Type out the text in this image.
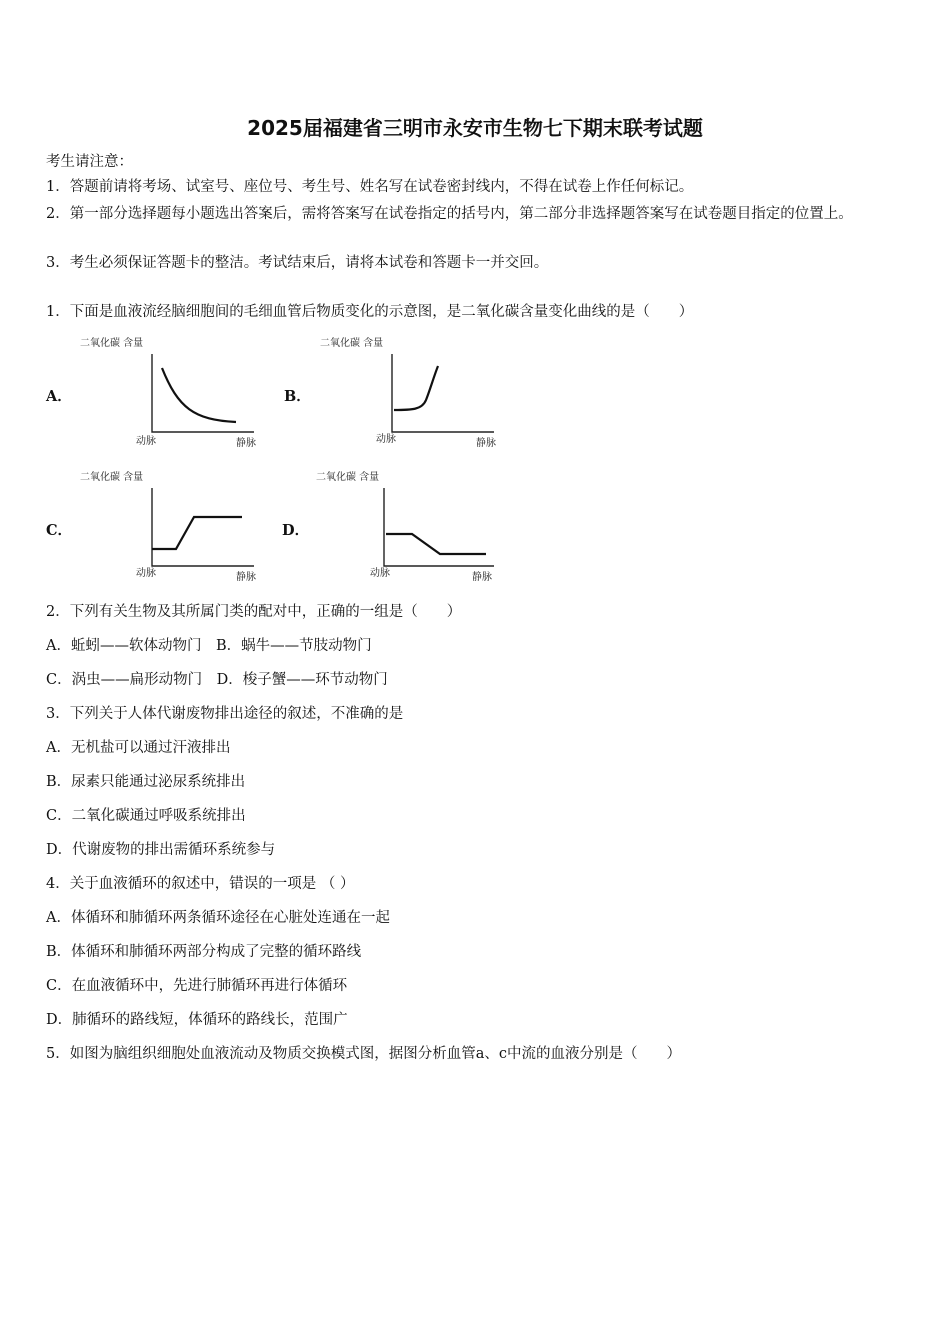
2025届福建省三明市永安市生物七下期末联考试题
考生请注意：
1．答题前请将考场、试室号、座位号、考生号、姓名写在试卷密封线内，不得在试卷上作任何标记。
2．第一部分选择题每小题选出答案后，需将答案写在试卷指定的括号内，第二部分非选择题答案写在试卷题目指定的位置上。
3．考生必须保证答题卡的整洁。考试结束后，请将本试卷和答题卡一并交回。
1．下面是血液流经脑细胞间的毛细血管后物质变化的示意图，是二氧化碳含量变化曲线的是（　　）
A．
二氧化碳 含量
动脉	静脉
B．
二氧化碳 含量
动脉	静脉
C．
二氧化碳 含量
动脉	静脉
D．
二氧化碳 含量
动脉	静脉
2．下列有关生物及其所属门类的配对中，正确的一组是（　　）
A．蚯蚓——软体动物门　B．蜗牛——节肢动物门
C．涡虫——扁形动物门　D．梭子蟹——环节动物门
3．下列关于人体代谢废物排出途径的叙述，不准确的是
A．无机盐可以通过汗液排出
B．尿素只能通过泌尿系统排出
C．二氧化碳通过呼吸系统排出
D．代谢废物的排出需循环系统参与
4．关于血液循环的叙述中，错误的一项是 （ ）
A．体循环和肺循环两条循环途径在心脏处连通在一起
B．体循环和肺循环两部分构成了完整的循环路线
C．在血液循环中，先进行肺循环再进行体循环
D．肺循环的路线短，体循环的路线长，范围广
5．如图为脑组织细胞处血液流动及物质交换模式图，据图分析血管a、c中流的血液分别是（　　）
